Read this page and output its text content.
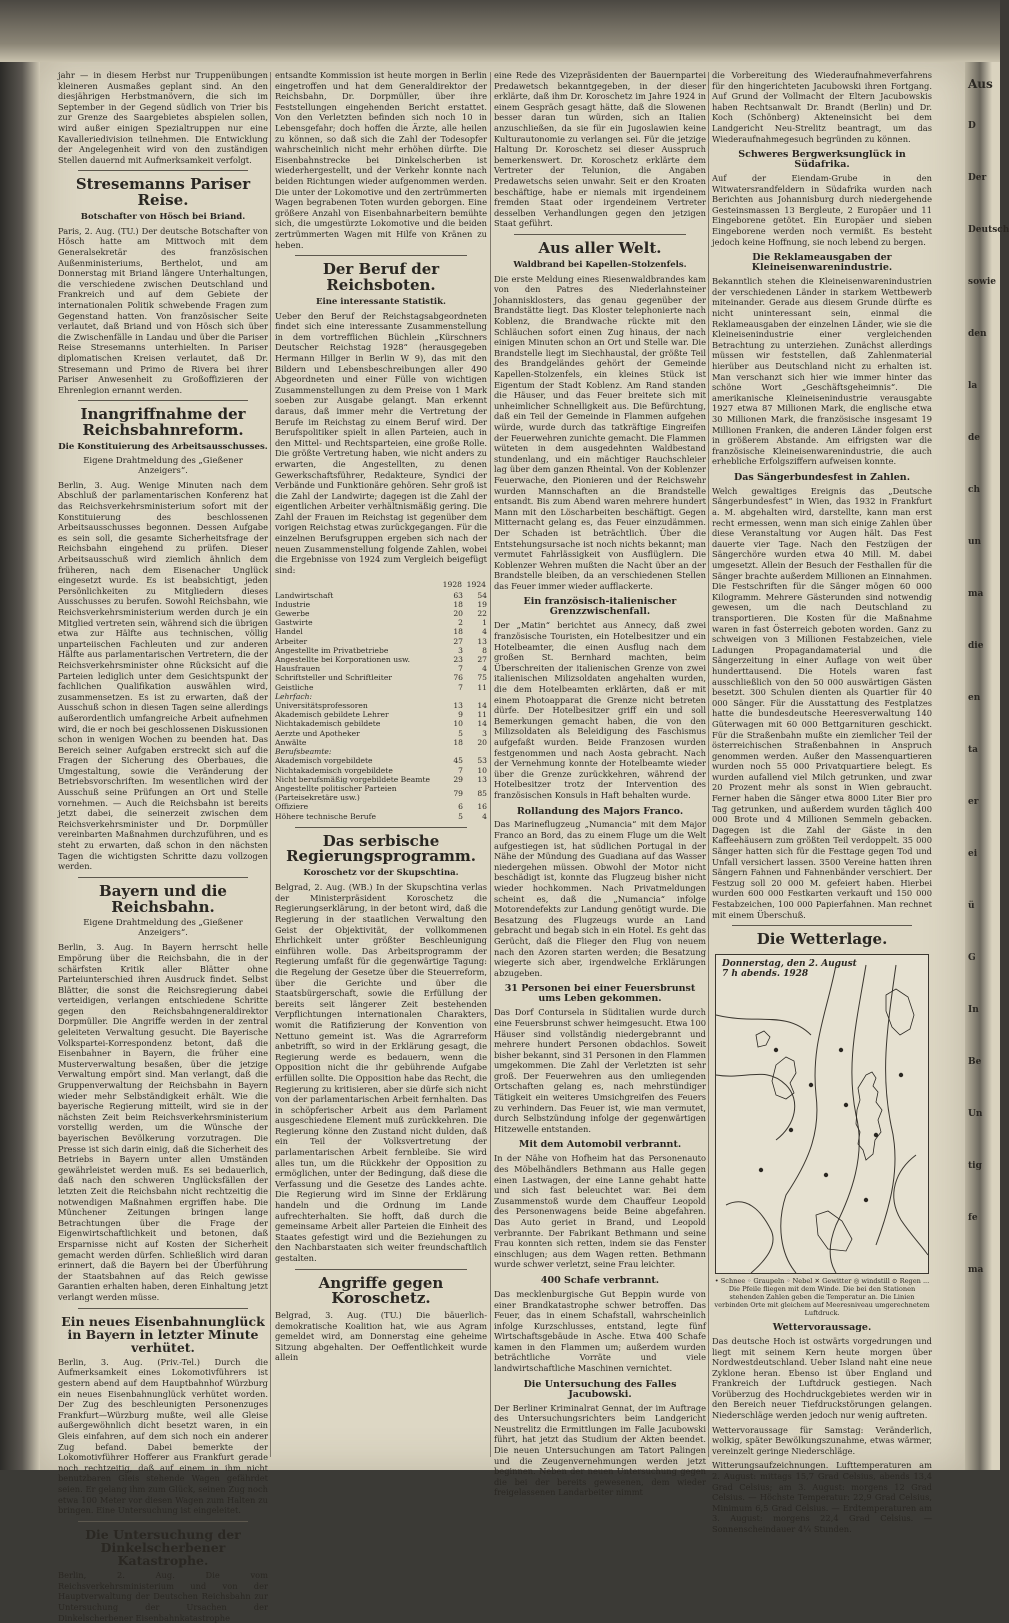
jahr — in diesem Herbst nur Truppenübungen kleineren Ausmaßes geplant sind. An den diesjährigen Herbstmanövern, die sich im September in der Gegend südlich von Trier bis zur Grenze des Saargebietes abspielen sollen, wird außer einigen Spezialtruppen nur eine Kavalleriedivision teilnehmen. Die Entwicklung der Angelegenheit wird von den zuständigen Stellen dauernd mit Aufmerksamkeit verfolgt.

Stresemanns Pariser Reise.
Botschafter von Hösch bei Briand.

Paris, 2. Aug. (TU.) Der deutsche Botschafter von Hösch hatte am Mittwoch mit dem Generalsekretär des französischen Außenministeriums, Berthelot, und am Donnerstag mit Briand längere Unterhaltungen, die verschiedene zwischen Deutschland und Frankreich und auf dem Gebiete der internationalen Politik schwebende Fragen zum Gegenstand hatten. Von französischer Seite verlautet, daß Briand und von Hösch sich über die Zwischenfälle in Landau und über die Pariser Reise Stresemanns unterhielten. In Pariser diplomatischen Kreisen verlautet, daß Dr. Stresemann und Primo de Rivera bei ihrer Pariser Anwesenheit zu Großoffizieren der Ehrenlegion ernannt werden.

Inangriffnahme der Reichsbahnreform.
Die Konstituierung des Arbeitsausschusses.
Eigene Drahtmeldung des „Gießener Anzeigers“.

Berlin, 3. Aug. Wenige Minuten nach dem Abschluß der parlamentarischen Konferenz hat das Reichsverkehrsministerium sofort mit der Konstituierung des beschlossenen Arbeitsausschusses begonnen. Dessen Aufgabe es sein soll, die gesamte Sicherheitsfrage der Reichsbahn eingehend zu prüfen. Dieser Arbeitsausschuß wird ziemlich ähnlich dem früheren, nach dem Eisenacher Unglück eingesetzt wurde. Es ist beabsichtigt, jeden Persönlichkeiten zu Mitgliedern dieses Ausschusses zu berufen. Sowohl Reichsbahn, wie Reichsverkehrsministerium werden durch je ein Mitglied vertreten sein, während sich die übrigen etwa zur Hälfte aus technischen, völlig unparteiischen Fachleuten und zur anderen Hälfte aus parlamentarischen Vertretern, die der Reichsverkehrsminister ohne Rücksicht auf die Parteien lediglich unter dem Gesichtspunkt der fachlichen Qualifikation auswählen wird, zusammensetzen. Es ist zu erwarten, daß der Ausschuß schon in diesen Tagen seine allerdings außerordentlich umfangreiche Arbeit aufnehmen wird, die er noch bei geschlossenen Diskussionen schon in wenigen Wochen zu beenden hat. Das Bereich seiner Aufgaben erstreckt sich auf die Fragen der Sicherung des Oberbaues, die Umgestaltung, sowie die Veränderung der Betriebsvorschriften. Im wesentlichen wird der Ausschuß seine Prüfungen an Ort und Stelle vornehmen. — Auch die Reichsbahn ist bereits jetzt dabei, die seinerzeit zwischen dem Reichsverkehrsminister und Dr. Dorpmüller vereinbarten Maßnahmen durchzuführen, und es steht zu erwarten, daß schon in den nächsten Tagen die wichtigsten Schritte dazu vollzogen werden.

Bayern und die Reichsbahn.
Eigene Drahtmeldung des „Gießener Anzeigers“.

Berlin, 3. Aug. In Bayern herrscht helle Empörung über die Reichsbahn, die in der schärfsten Kritik aller Blätter ohne Parteiunterschied ihren Ausdruck findet. Selbst Blätter, die sonst die Reichsregierung dabei verteidigen, verlangen entschiedene Schritte gegen den Reichsbahngeneraldirektor Dorpmüller. Die Angriffe werden in der zentral geleiteten Verwaltung gesucht. Die Bayerische Volkspartei-Korrespondenz betont, daß die Eisenbahner in Bayern, die früher eine Musterverwaltung besaßen, über die jetzige Verwaltung empört sind. Man verlangt, daß die Gruppenverwaltung der Reichsbahn in Bayern wieder mehr Selbständigkeit erhält. Wie die bayerische Regierung mitteilt, wird sie in der nächsten Zeit beim Reichsverkehrsministerium vorstellig werden, um die Wünsche der bayerischen Bevölkerung vorzutragen. Die Presse ist sich darin einig, daß die Sicherheit des Betriebs in Bayern unter allen Umständen gewährleistet werden muß. Es sei bedauerlich, daß nach den schweren Unglücksfällen der letzten Zeit die Reichsbahn nicht rechtzeitig die notwendigen Maßnahmen ergriffen habe. Die Münchener Zeitungen bringen lange Betrachtungen über die Frage der Eigenwirtschaftlichkeit und betonen, daß Ersparnisse nicht auf Kosten der Sicherheit gemacht werden dürfen. Schließlich wird daran erinnert, daß die Bayern bei der Überführung der Staatsbahnen auf das Reich gewisse Garantien erhalten haben, deren Einhaltung jetzt verlangt werden müsse.

Ein neues Eisenbahnunglück in Bayern in letzter Minute verhütet.

Berlin, 3. Aug. (Priv.-Tel.) Durch die Aufmerksamkeit eines Lokomotivführers ist gestern abend auf dem Hauptbahnhof Würzburg ein neues Eisenbahnunglück verhütet worden. Der Zug des beschleunigten Personenzuges Frankfurt—Würzburg mußte, weil alle Gleise außergewöhnlich dicht besetzt waren, in ein Gleis einfahren, auf dem sich noch ein anderer Zug befand. Dabei bemerkte der Lokomotivführer Hofferer aus Frankfurt gerade noch rechtzeitig, daß auf einem in ihm nicht benutzbaren Gleis stehende Wagen gefährdet seien. Er gelang ihm zum Glück, seinen Zug noch etwa 100 Meter vor diesen Wagen zum Halten zu bringen. Eine Untersuchung ist eingeleitet.

Die Untersuchung der Dinkelscherbener Katastrophe.

Berlin, 2. Aug. Die vom Reichsverkehrsministerium und von der Hauptverwaltung der Deutschen Reichsbahn zur Untersuchung der Ursachen der Dinkelscherbener Eisenbahnkatastrophe

entsandte Kommission ist heute morgen in Berlin eingetroffen und hat dem Generaldirektor der Reichsbahn, Dr. Dorpmüller, über ihre Feststellungen eingehenden Bericht erstattet. Von den Verletzten befinden sich noch 10 in Lebensgefahr; doch hoffen die Ärzte, alle heilen zu können, so daß sich die Zahl der Todesopfer wahrscheinlich nicht mehr erhöhen dürfte. Die Eisenbahnstrecke bei Dinkelscherben ist wiederhergestellt, und der Verkehr konnte nach beiden Richtungen wieder aufgenommen werden. Die unter der Lokomotive und den zertrümmerten Wagen begrabenen Toten wurden geborgen. Eine größere Anzahl von Eisenbahnarbeitern bemühte sich, die umgestürzte Lokomotive und die beiden zertrümmerten Wagen mit Hilfe von Kränen zu heben.

Der Beruf der Reichsboten.
Eine interessante Statistik.

Ueber den Beruf der Reichstagsabgeordneten findet sich eine interessante Zusammenstellung in dem vortrefflichen Büchlein „Kürschners Deutscher Reichstag 1928“ (herausgegeben Hermann Hillger in Berlin W 9), das mit den Bildern und Lebensbeschreibungen aller 490 Abgeordneten und einer Fülle von wichtigen Zusammenstellungen zu dem Preise von 1 Mark soeben zur Ausgabe gelangt. Man erkennt daraus, daß immer mehr die Vertretung der Berufe im Reichstag zu einem Beruf wird. Der Berufspolitiker spielt in allen Parteien, auch in den Mittel- und Rechtsparteien, eine große Rolle. Die größte Vertretung haben, wie nicht anders zu erwarten, die Angestellten, zu denen Gewerkschaftsführer, Redakteure, Syndici der Verbände und Funktionäre gehören. Sehr groß ist die Zahl der Landwirte; dagegen ist die Zahl der eigentlichen Arbeiter verhältnismäßig gering. Die Zahl der Frauen im Reichstag ist gegenüber dem vorigen Reichstag etwas zurückgegangen. Für die einzelnen Berufsgruppen ergeben sich nach der neuen Zusammenstellung folgende Zahlen, wobei die Ergebnisse von 1924 zum Vergleich beigefügt sind:

	1928	1924
Landwirtschaft	63	54
Industrie	18	19
Gewerbe	20	22
Gastwirte	2	1
Handel	18	4
Arbeiter	27	13
Angestellte im Privatbetriebe	3	8
Angestellte bei Korporationen usw.	23	27
Hausfrauen	7	4
Schriftsteller und Schriftleiter	76	75
Geistliche	7	11
Lehrfach:		
Universitätsprofessoren	13	14
Akademisch gebildete Lehrer	9	11
Nichtakademisch gebildete	10	14
Aerzte und Apotheker	5	3
Anwälte	18	20
Berufsbeamte:		
Akademisch vorgebildete	45	53
Nichtakademisch vorgebildete	7	10
Nicht berufsmäßig vorgebildete Beamte	29	13
Angestellte politischer Parteien (Parteisekretäre usw.)	79	85
Offiziere	6	16
Höhere technische Berufe	5	4
Das serbische Regierungsprogramm.
Koroschetz vor der Skupschtina.

Belgrad, 2. Aug. (WB.) In der Skupschtina verlas der Ministerpräsident Koroschetz die Regierungserklärung, in der betont wird, daß die Regierung in der staatlichen Verwaltung den Geist der Objektivität, der vollkommenen Ehrlichkeit unter größter Beschleunigung einführen wolle. Das Arbeitsprogramm der Regierung umfaßt für die gegenwärtige Tagung: die Regelung der Gesetze über die Steuerreform, über die Gerichte und über die Staatsbürgerschaft, sowie die Erfüllung der bereits seit längerer Zeit bestehenden Verpflichtungen internationalen Charakters, womit die Ratifizierung der Konvention von Nettuno gemeint ist. Was die Agrarreform anbetrifft, so wird in der Erklärung gesagt, die Regierung werde es bedauern, wenn die Opposition nicht die ihr gebührende Aufgabe erfüllen sollte. Die Opposition habe das Recht, die Regierung zu kritisieren, aber sie dürfe sich nicht von der parlamentarischen Arbeit fernhalten. Das in schöpferischer Arbeit aus dem Parlament ausgeschiedene Element muß zurückkehren. Die Regierung könne den Zustand nicht dulden, daß ein Teil der Volksvertretung der parlamentarischen Arbeit fernbleibe. Sie wird alles tun, um die Rückkehr der Opposition zu ermöglichen, unter der Bedingung, daß diese die Verfassung und die Gesetze des Landes achte. Die Regierung wird im Sinne der Erklärung handeln und die Ordnung im Lande aufrechterhalten. Sie hofft, daß durch die gemeinsame Arbeit aller Parteien die Einheit des Staates gefestigt wird und die Beziehungen zu den Nachbarstaaten sich weiter freundschaftlich gestalten.

Angriffe gegen Koroschetz.

Belgrad, 3. Aug. (TU.) Die bäuerlich-demokratische Koalition hat, wie aus Agram gemeldet wird, am Donnerstag eine geheime Sitzung abgehalten. Der Oeffentlichkeit wurde allein

eine Rede des Vizepräsidenten der Bauernpartei Predawetsch bekanntgegeben, in der dieser erklärte, daß ihm Dr. Koroschetz im Jahre 1924 in einem Gespräch gesagt hätte, daß die Slowenen besser daran tun würden, sich an Italien anzuschließen, da sie für ein Jugoslawien keine Kulturautonomie zu verlangen sei. Für die jetzige Haltung Dr. Koroschetz sei dieser Ausspruch bemerkenswert. Dr. Koroschetz erklärte dem Vertreter der Telunion, die Angaben Predawetschs seien unwahr. Seit er den Kroaten beschäftige, habe er niemals mit irgendeinem fremden Staat oder irgendeinem Vertreter desselben Verhandlungen gegen den jetzigen Staat geführt.

Aus aller Welt.
Waldbrand bei Kapellen-Stolzenfels.

Die erste Meldung eines Riesenwaldbrandes kam von den Patres des Niederlahnsteiner Johannisklosters, das genau gegenüber der Brandstätte liegt. Das Kloster telephonierte nach Koblenz, die Brandwache rückte mit den Schläuchen sofort einen Zug hinaus, der nach einigen Minuten schon an Ort und Stelle war. Die Brandstelle liegt im Siechhaustal, der größte Teil des Brandgeländes gehört der Gemeinde Kapellen-Stolzenfels, ein kleines Stück ist Eigentum der Stadt Koblenz. Am Rand standen die Häuser, und das Feuer breitete sich mit unheimlicher Schnelligkeit aus. Die Befürchtung, daß ein Teil der Gemeinde in Flammen aufgehen würde, wurde durch das tatkräftige Eingreifen der Feuerwehren zunichte gemacht. Die Flammen wüteten in dem ausgedehnten Waldbestand stundenlang, und ein mächtiger Rauchschleier lag über dem ganzen Rheintal. Von der Koblenzer Feuerwache, den Pionieren und der Reichswehr wurden Mannschaften an die Brandstelle entsandt. Bis zum Abend waren mehrere hundert Mann mit den Löscharbeiten beschäftigt. Gegen Mitternacht gelang es, das Feuer einzudämmen. Der Schaden ist beträchtlich. Über die Entstehungsursache ist noch nichts bekannt; man vermutet Fahrlässigkeit von Ausflüglern. Die Koblenzer Wehren mußten die Nacht über an der Brandstelle bleiben, da an verschiedenen Stellen das Feuer immer wieder aufflackerte.

Ein französisch-italienischer Grenzzwischenfall.

Der „Matin“ berichtet aus Annecy, daß zwei französische Touristen, ein Hotelbesitzer und ein Hotelbeamter, die einen Ausflug nach dem großen St. Bernhard machten, beim Überschreiten der italienischen Grenze von zwei italienischen Milizsoldaten angehalten wurden, die dem Hotelbeamten erklärten, daß er mit einem Photoapparat die Grenze nicht betreten dürfe. Der Hotelbesitzer griff ein und soll Bemerkungen gemacht haben, die von den Milizsoldaten als Beleidigung des Faschismus aufgefaßt wurden. Beide Franzosen wurden festgenommen und nach Aosta gebracht. Nach der Vernehmung konnte der Hotelbeamte wieder über die Grenze zurückkehren, während der Hotelbesitzer trotz der Intervention des französischen Konsuls in Haft behalten wurde.

Rollandung des Majors Franco.

Das Marineflugzeug „Numancia“ mit dem Major Franco an Bord, das zu einem Fluge um die Welt aufgestiegen ist, hat südlichen Portugal in der Nähe der Mündung des Guadiana auf das Wasser niedergehen müssen. Obwohl der Motor nicht beschädigt ist, konnte das Flugzeug bisher nicht wieder hochkommen. Nach Privatmeldungen scheint es, daß die „Numancia“ infolge Motorendefekts zur Landung genötigt wurde. Die Besatzung des Flugzeugs wurde an Land gebracht und begab sich in ein Hotel. Es geht das Gerücht, daß die Flieger den Flug von neuem nach den Azoren starten werden; die Besatzung wiegerte sich aber, irgendwelche Erklärungen abzugeben.

31 Personen bei einer Feuersbrunst ums Leben gekommen.

Das Dorf Contursela in Süditalien wurde durch eine Feuersbrunst schwer heimgesucht. Etwa 100 Häuser sind vollständig niedergebrannt und mehrere hundert Personen obdachlos. Soweit bisher bekannt, sind 31 Personen in den Flammen umgekommen. Die Zahl der Verletzten ist sehr groß. Der Feuerwehren aus den umliegenden Ortschaften gelang es, nach mehrstündiger Tätigkeit ein weiteres Umsichgreifen des Feuers zu verhindern. Das Feuer ist, wie man vermutet, durch Selbstzündung infolge der gegenwärtigen Hitzewelle entstanden.

Mit dem Automobil verbrannt.

In der Nähe von Hofheim hat das Personenauto des Möbelhändlers Bethmann aus Halle gegen einen Lastwagen, der eine Lanne gehabt hatte und sich fast beleuchtet war. Bei dem Zusammenstoß wurde dem Chauffeur Leopold des Personenwagens beide Beine abgefahren. Das Auto geriet in Brand, und Leopold verbrannte. Der Fabrikant Bethmann und seine Frau konnten sich retten, indem sie das Fenster einschlugen; aus dem Wagen retten. Bethmann wurde schwer verletzt, seine Frau leichter.

400 Schafe verbrannt.

Das mecklenburgische Gut Beppin wurde von einer Brandkatastrophe schwer betroffen. Das Feuer, das in einem Schafstall, wahrscheinlich infolge Kurzschlusses, entstand, legte fünf Wirtschaftsgebäude in Asche. Etwa 400 Schafe kamen in den Flammen um; außerdem wurden beträchtliche Vorräte und viele landwirtschaftliche Maschinen vernichtet.

Die Untersuchung des Falles Jacubowski.

Der Berliner Kriminalrat Gennat, der im Auftrage des Untersuchungsrichters beim Landgericht Neustrelitz die Ermittlungen im Falle Jacubowski führt, hat jetzt das Studium der Akten beendet. Die neuen Untersuchungen am Tatort Palingen und die Zeugenvernehmungen werden jetzt beginnen. Neben der neuen Untersuchung gegen die bei der bereits gewesenen, dem wieder freigelassenen Landarbeiter nimmt

die Vorbereitung des Wiederaufnahmeverfahrens für den hingerichteten Jacubowski ihren Fortgang. Auf Grund der Vollmacht der Eltern Jacubowskis haben Rechtsanwalt Dr. Brandt (Berlin) und Dr. Koch (Schönberg) Akteneinsicht bei dem Landgericht Neu-Strelitz beantragt, um das Wiederaufnahmegesuch begründen zu können.

Schweres Bergwerksunglück in Südafrika.

Auf der Eiendam-Grube in den Witwatersrandfeldern in Südafrika wurden nach Berichten aus Johannisburg durch niedergehende Gesteinsmassen 13 Bergleute, 2 Europäer und 11 Eingeborene getötet. Ein Europäer und sieben Eingeborene werden noch vermißt. Es besteht jedoch keine Hoffnung, sie noch lebend zu bergen.

Die Reklameausgaben der Kleineisenwarenindustrie.

Bekanntlich stehen die Kleineisenwarenindustrien der verschiedenen Länder in starkem Wettbewerb miteinander. Gerade aus diesem Grunde dürfte es nicht uninteressant sein, einmal die Reklameausgaben der einzelnen Länder, wie sie die Kleineisenindustrie einer vergleichenden Betrachtung zu unterziehen. Zunächst allerdings müssen wir feststellen, daß Zahlenmaterial hierüber aus Deutschland nicht zu erhalten ist. Man verschanzt sich hier wie immer hinter das schöne Wort „Geschäftsgeheimnis“. Die amerikanische Kleineisenindustrie verausgabte 1927 etwa 87 Millionen Mark, die englische etwa 30 Millionen Mark, die französische insgesamt 19 Millionen Franken, die anderen Länder folgen erst in größerem Abstande. Am eifrigsten war die französische Kleineisenwarenindustrie, die auch erhebliche Erfolgsziffern aufweisen konnte.

Das Sängerbundesfest in Zahlen.

Welch gewaltiges Ereignis das „Deutsche Sängerbundesfest“ in Wien, das 1932 in Frankfurt a. M. abgehalten wird, darstellte, kann man erst recht ermessen, wenn man sich einige Zahlen über diese Veranstaltung vor Augen hält. Das Fest dauerte vier Tage. Nach den Festzügen der Sängerchöre wurden etwa 40 Mill. M. dabei umgesetzt. Allein der Besuch der Festhallen für die Sänger brachte außerdem Millionen an Einnahmen. Die Festschriften für die Sänger mögen 60 000 Kilogramm. Mehrere Gästerunden sind notwendig gewesen, um die nach Deutschland zu transportieren. Die Kosten für die Maßnahme waren in fast Österreich geboten worden. Ganz zu schweigen von 3 Millionen Festabzeichen, viele Ladungen Propagandamaterial und die Sängerzeitung in einer Auflage von weit über hunderttausend. Die Hotels waren fast ausschließlich von den 50 000 auswärtigen Gästen besetzt. 300 Schulen dienten als Quartier für 40 000 Sänger. Für die Ausstattung des Festplatzes hatte die bundesdeutsche Heeresverwaltung 140 Güterwagen mit 60 000 Bettgarnituren geschickt. Für die Straßenbahn mußte ein ziemlicher Teil der österreichischen Straßenbahnen in Anspruch genommen werden. Außer den Massenquartieren wurden noch 55 000 Privatquartiere belegt. Es wurden aufallend viel Milch getrunken, und zwar 20 Prozent mehr als sonst in Wien gebraucht. Ferner haben die Sänger etwa 8000 Liter Bier pro Tag getrunken, und außerdem wurden täglich 400 000 Brote und 4 Millionen Semmeln gebacken. Dagegen ist die Zahl der Gäste in den Kaffeehäusern zum größten Teil verdoppelt. 35 000 Sänger hatten sich für die Festtage gegen Tod und Unfall versichert lassen. 3500 Vereine hatten ihren Sängern Fahnen und Fahnenbänder verschiert. Der Festzug soll 20 000 M. gefeiert haben. Hierbei wurden 600 000 Festkarten verkauft und 150 000 Festabzeichen, 100 000 Papierfahnen. Man rechnet mit einem Überschuß.

Die Wetterlage.
Donnerstag, den 2. August
7 h abends. 1928
• Schnee ◦ Graupeln ◦ Nebel ✕ Gewitter ◎ windstill ⊙ Regen ... Die Pfeile fliegen mit dem Winde. Die bei den Stationen stehenden Zahlen geben die Temperatur an. Die Linien verbinden Orte mit gleichem auf Meeresniveau umgerechnetem Luftdruck.
Wettervoraussage.

Das deutsche Hoch ist ostwärts vorgedrungen und liegt mit seinem Kern heute morgen über Nordwestdeutschland. Ueber Island naht eine neue Zyklone heran. Ebenso ist über England und Frankreich der Luftdruck gestiegen. Nach Vorüberzug des Hochdruckgebietes werden wir in den Bereich neuer Tiefdruckstörungen gelangen. Niederschläge werden jedoch nur wenig auftreten.

Wettervoraussage für Samstag: Veränderlich, wolkig, später Bewölkungszunahme, etwas wärmer, vereinzelt geringe Niederschläge.

Witterungsaufzeichnungen. Lufttemperaturen am 2. August: mittags 15,7 Grad Celsius, abends 13,4 Grad Celsius; am 3. August: morgens 12 Grad Celsius. — Höchste Temperatur: 22,9 Grad Celsius, Minimum 6,5 Grad Celsius. — Erdtemperaturen am 3. August: morgens 22,4 Grad Celsius. — Sonnenscheindauer 4¼ Stunden.

Aus
D
Der
Deutsch
sowie
den
la
de
ch
un
ma
die
en
ta
er
ei
ü
G
In
Be
Un
tig
fe
ma
